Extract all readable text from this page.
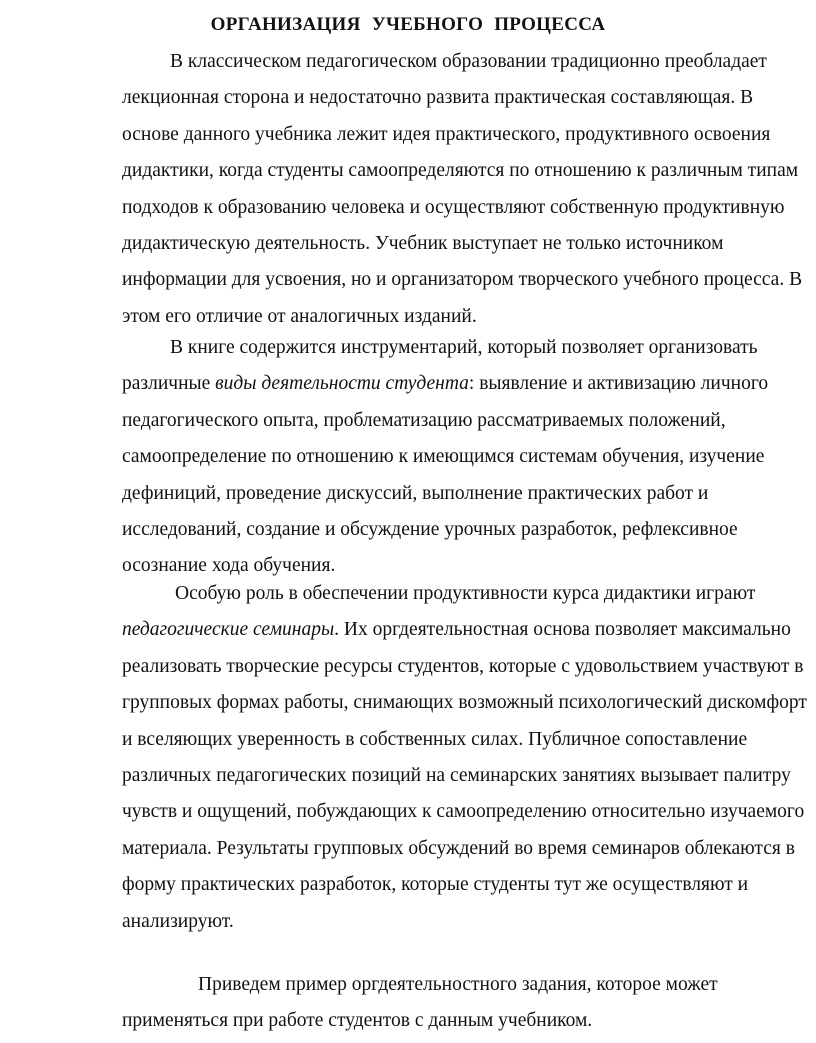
ОРГАНИЗАЦИЯ УЧЕБНОГО ПРОЦЕССА

В классическом педагогическом образовании традиционно преобладает лекционная сторона и недостаточно развита практическая составляющая. В основе данного учебника лежит идея практического, продуктивного освоения дидактики, когда студенты самоопределяются по отношению к различным типам подходов к образованию человека и осуществляют собственную продуктивную дидактическую деятельность. Учебник выступает не только источником информации для усвоения, но и организатором творческого учебного процесса. В этом его отличие от аналогичных изданий.

В книге содержится инструментарий, который позволяет организовать различные виды деятельности студента: выявление и активизацию личного педагогического опыта, проблематизацию рассматриваемых положений, самоопределение по отношению к имеющимся системам обучения, изучение дефиниций, проведение дискуссий, выполнение практических работ и исследований, создание и обсуждение урочных разработок, рефлексивное осознание хода обучения.

Особую роль в обеспечении продуктивности курса дидактики играют педагогические семинары. Их оргдеятельностная основа позволяет максимально реализовать творческие ресурсы студентов, которые с удовольствием участвуют в групповых формах работы, снимающих возможный психологический дискомфорт и вселяющих уверенность в собственных силах. Публичное сопоставление различных педагогических позиций на семинарских занятиях вызывает палитру чувств и ощущений, побуждающих к самоопределению относительно изучаемого материала. Результаты групповых обсуждений во время семинаров облекаются в форму практических разработок, которые студенты тут же осуществляют и анализируют.

Приведем пример оргдеятельностного задания, которое может применяться при работе студентов с данным учебником.
